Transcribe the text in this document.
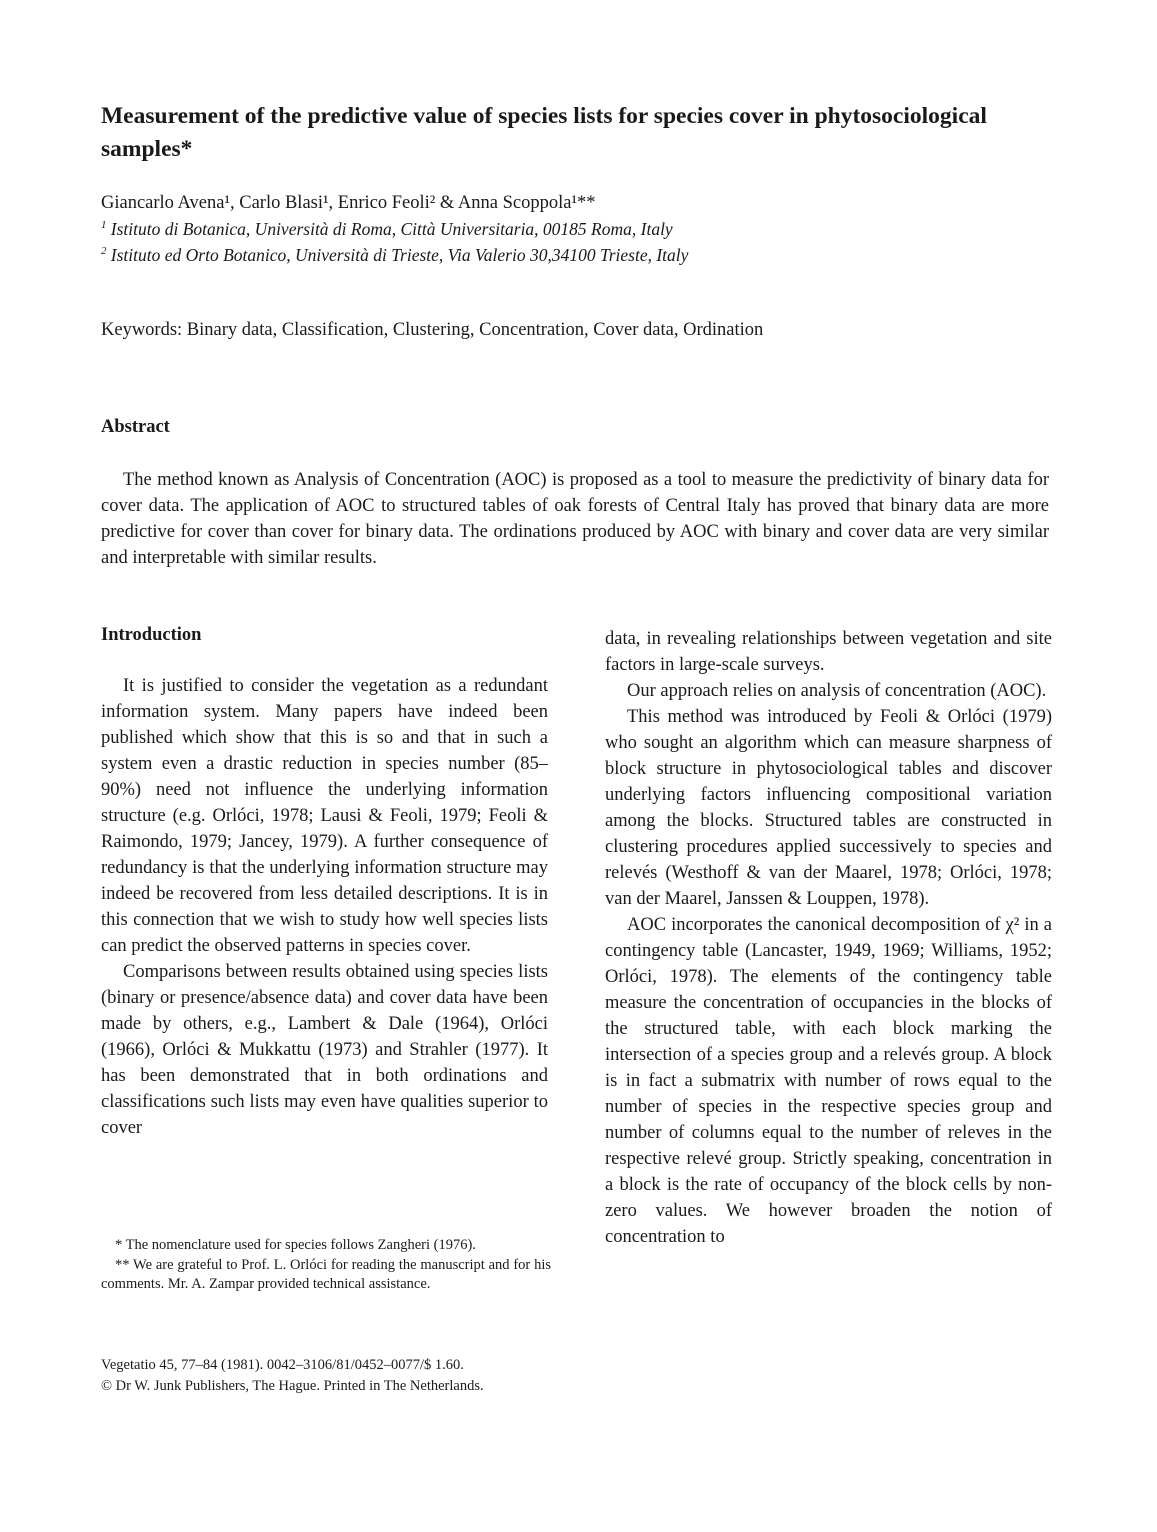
Measurement of the predictive value of species lists for species cover in phytosociological samples*
Giancarlo Avena¹, Carlo Blasi¹, Enrico Feoli² & Anna Scoppola¹**
$^1$ Istituto di Botanica, Università di Roma, Città Universitaria, 00185 Roma, Italy
$^2$ Istituto ed Orto Botanico, Università di Trieste, Via Valerio 30,34100 Trieste, Italy
Keywords: Binary data, Classification, Clustering, Concentration, Cover data, Ordination
Abstract

The method known as Analysis of Concentration (AOC) is proposed as a tool to measure the predictivity of binary data for cover data. The application of AOC to structured tables of oak forests of Central Italy has proved that binary data are more predictive for cover than cover for binary data. The ordinations produced by AOC with binary and cover data are very similar and interpretable with similar results.

Introduction

It is justified to consider the vegetation as a redundant information system. Many papers have indeed been published which show that this is so and that in such a system even a drastic reduction in species number (85–90%) need not influence the underlying information structure (e.g. Orlóci, 1978; Lausi & Feoli, 1979; Feoli & Raimondo, 1979; Jancey, 1979). A further consequence of redundancy is that the underlying information structure may indeed be recovered from less detailed descriptions. It is in this connection that we wish to study how well species lists can predict the observed patterns in species cover.

Comparisons between results obtained using species lists (binary or presence/absence data) and cover data have been made by others, e.g., Lambert & Dale (1964), Orlóci (1966), Orlóci & Mukkattu (1973) and Strahler (1977). It has been demonstrated that in both ordinations and classifications such lists may even have qualities superior to cover

data, in revealing relationships between vegetation and site factors in large-scale surveys.

Our approach relies on analysis of concentration (AOC).

This method was introduced by Feoli & Orlóci (1979) who sought an algorithm which can measure sharpness of block structure in phytosociological tables and discover underlying factors influencing compositional variation among the blocks. Structured tables are constructed in clustering procedures applied successively to species and relevés (Westhoff & van der Maarel, 1978; Orlóci, 1978; van der Maarel, Janssen & Louppen, 1978).

AOC incorporates the canonical decomposition of χ² in a contingency table (Lancaster, 1949, 1969; Williams, 1952; Orlóci, 1978). The elements of the contingency table measure the concentration of occupancies in the blocks of the structured table, with each block marking the intersection of a species group and a relevés group. A block is in fact a submatrix with number of rows equal to the number of species in the respective species group and number of columns equal to the number of releves in the respective relevé group. Strictly speaking, concentration in a block is the rate of occupancy of the block cells by non-zero values. We however broaden the notion of concentration to

* The nomenclature used for species follows Zangheri (1976).

** We are grateful to Prof. L. Orlóci for reading the manuscript and for his comments. Mr. A. Zampar provided technical assistance.

Vegetatio 45, 77–84 (1981). 0042–3106/81/0452–0077/$ 1.60.
© Dr W. Junk Publishers, The Hague. Printed in The Netherlands.
